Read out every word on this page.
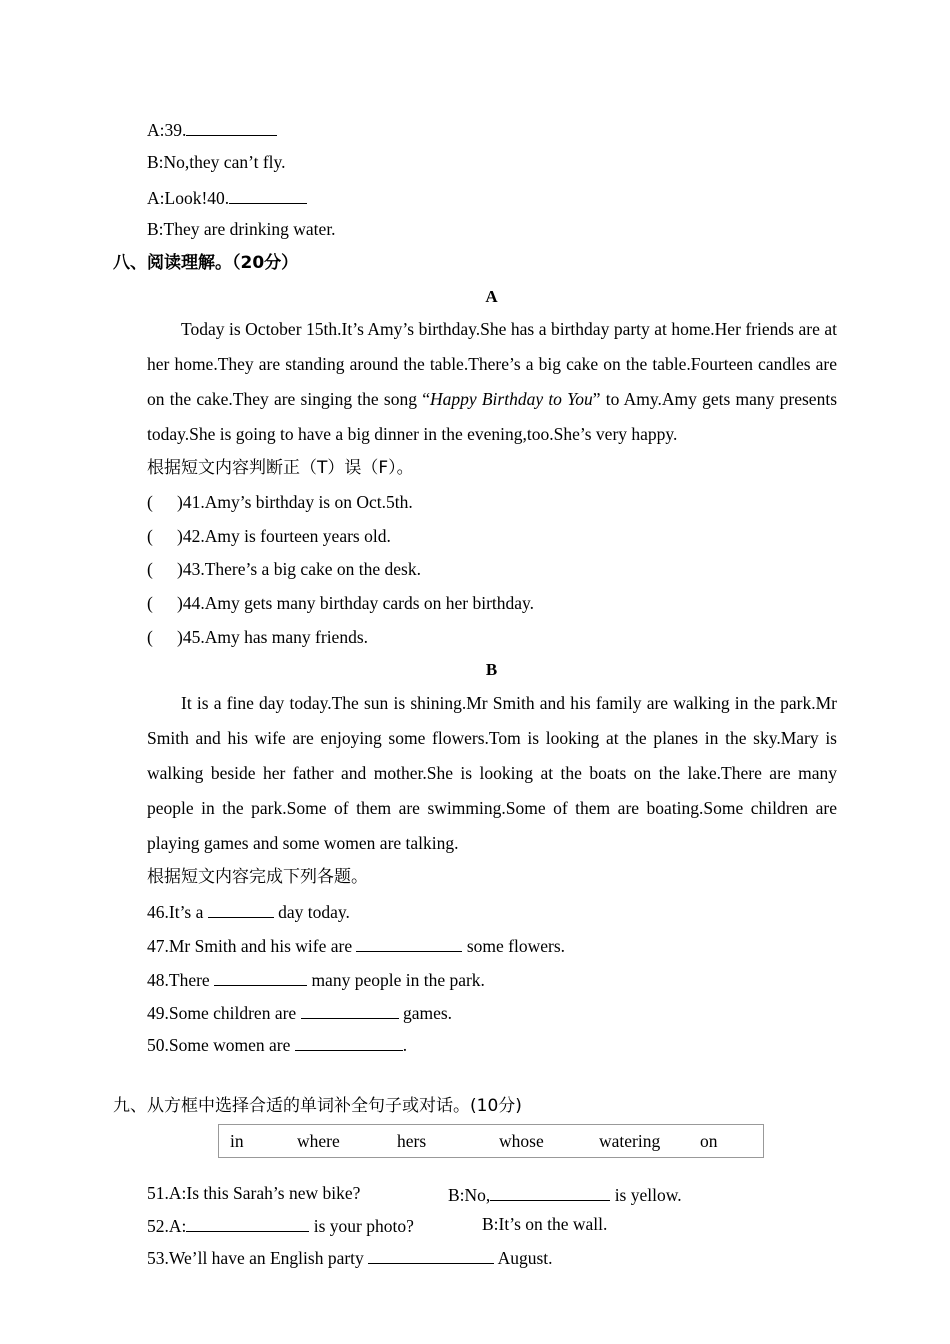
A:39.
B:No,they can’t fly.
A:Look!40.
B:They are drinking water.
八、阅读理解。（20分）
A

Today is October 15th.It’s Amy’s birthday.She has a birthday party at home.Her friends are at her home.They are standing around the table.There’s a big cake on the table.Fourteen candles are on the cake.They are singing the song “Happy Birthday to You” to Amy.Amy gets many presents today.She is going to have a big dinner in the evening,too.She’s very happy.

根据短文内容判断正（T）误（F）。
( )41.Amy’s birthday is on Oct.5th.
( )42.Amy is fourteen years old.
( )43.There’s a big cake on the desk.
( )44.Amy gets many birthday cards on her birthday.
( )45.Amy has many friends.
B

It is a fine day today.The sun is shining.Mr Smith and his family are walking in the park.Mr Smith and his wife are enjoying some flowers.Tom is looking at the planes in the sky.Mary is walking beside her father and mother.She is looking at the boats on the lake.There are many people in the park.Some of them are swimming.Some of them are boating.Some children are playing games and some women are talking.

根据短文内容完成下列各题。
46.It’s a	day today.
47.Mr Smith and his wife are	some flowers.
48.There	many people in the park.
49.Some children are	games.
50.Some women are	.
九、从方框中选择合适的单词补全句子或对话。(10分)
in	where	hers	whose	watering on
51.A:Is this Sarah’s new bike?	B:No,	is yellow.
52.A:	is your photo?	B:It’s on the wall.
53.We’ll have an English party	August.
